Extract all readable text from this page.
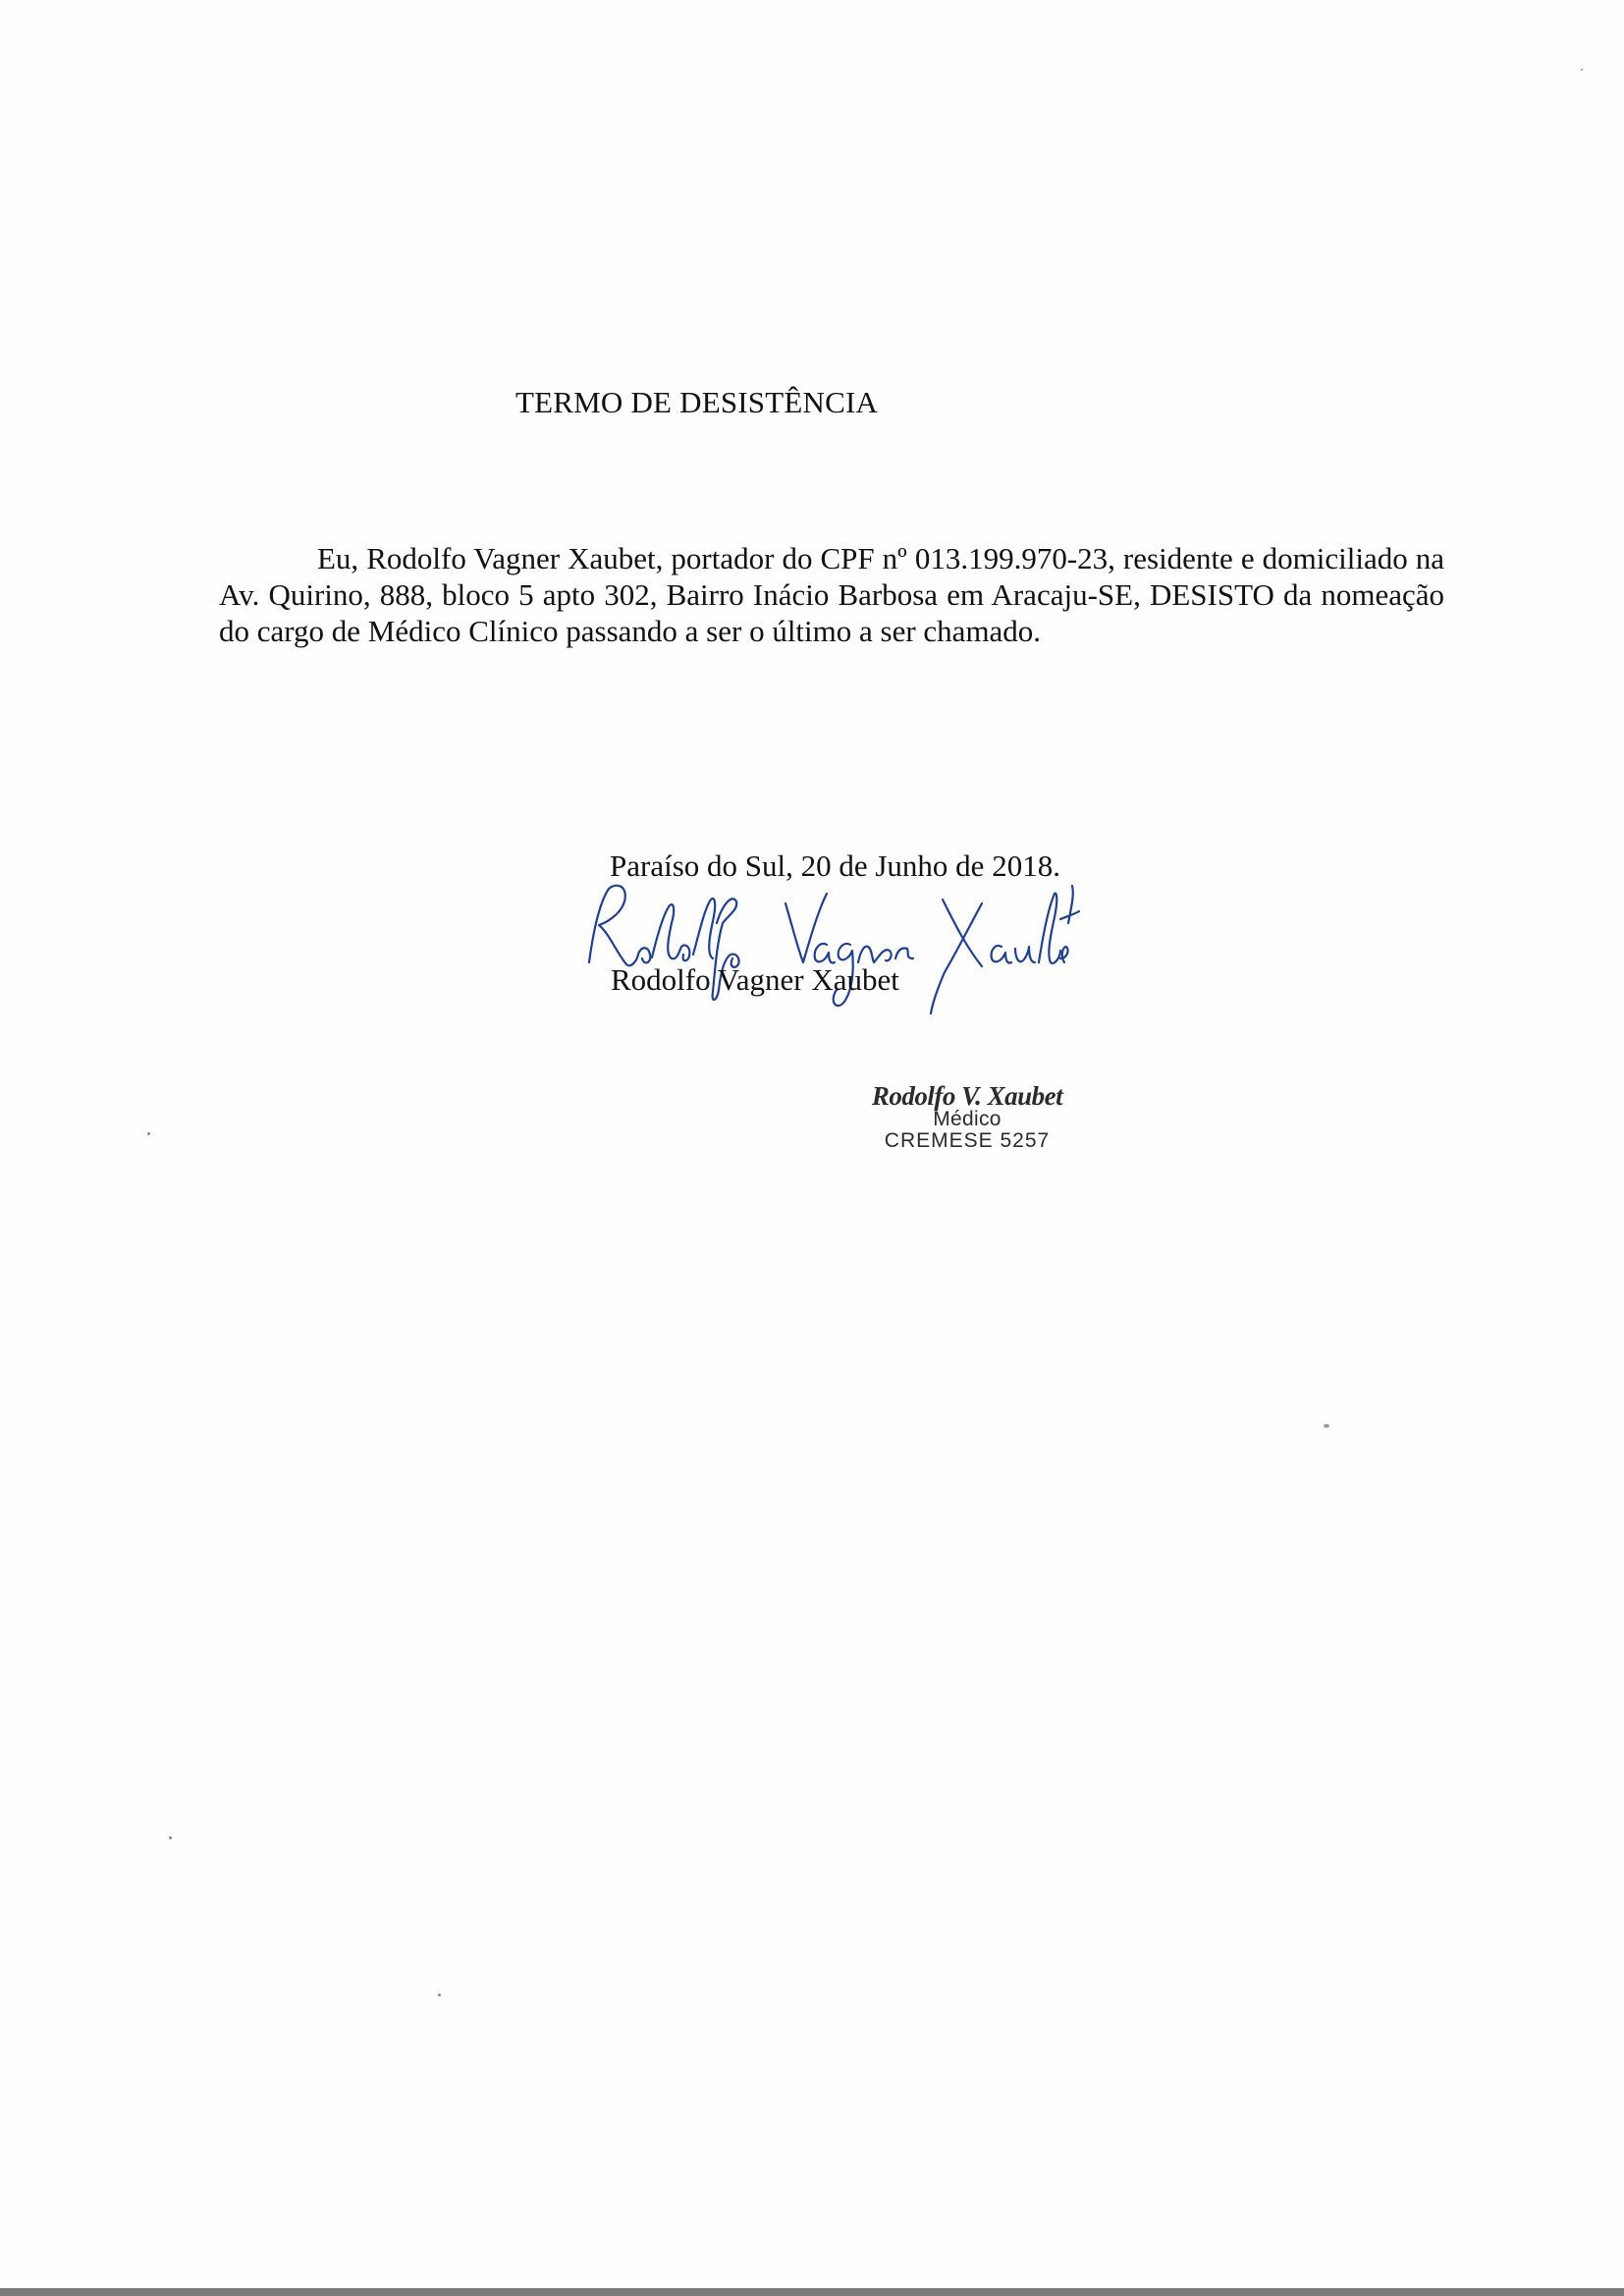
TERMO DE DESISTÊNCIA

Eu, Rodolfo Vagner Xaubet, portador do CPF nº 013.199.970-23, residente e domiciliado na Av. Quirino, 888, bloco 5 apto 302, Bairro Inácio Barbosa em Aracaju-SE, DESISTO da nomeação do cargo de Médico Clínico passando a ser o último a ser chamado.

Paraíso do Sul, 20 de Junho de 2018.
Rodolfo Vagner Xaubet
Rodolfo V. Xaubet
Médico
CREMESE 5257
